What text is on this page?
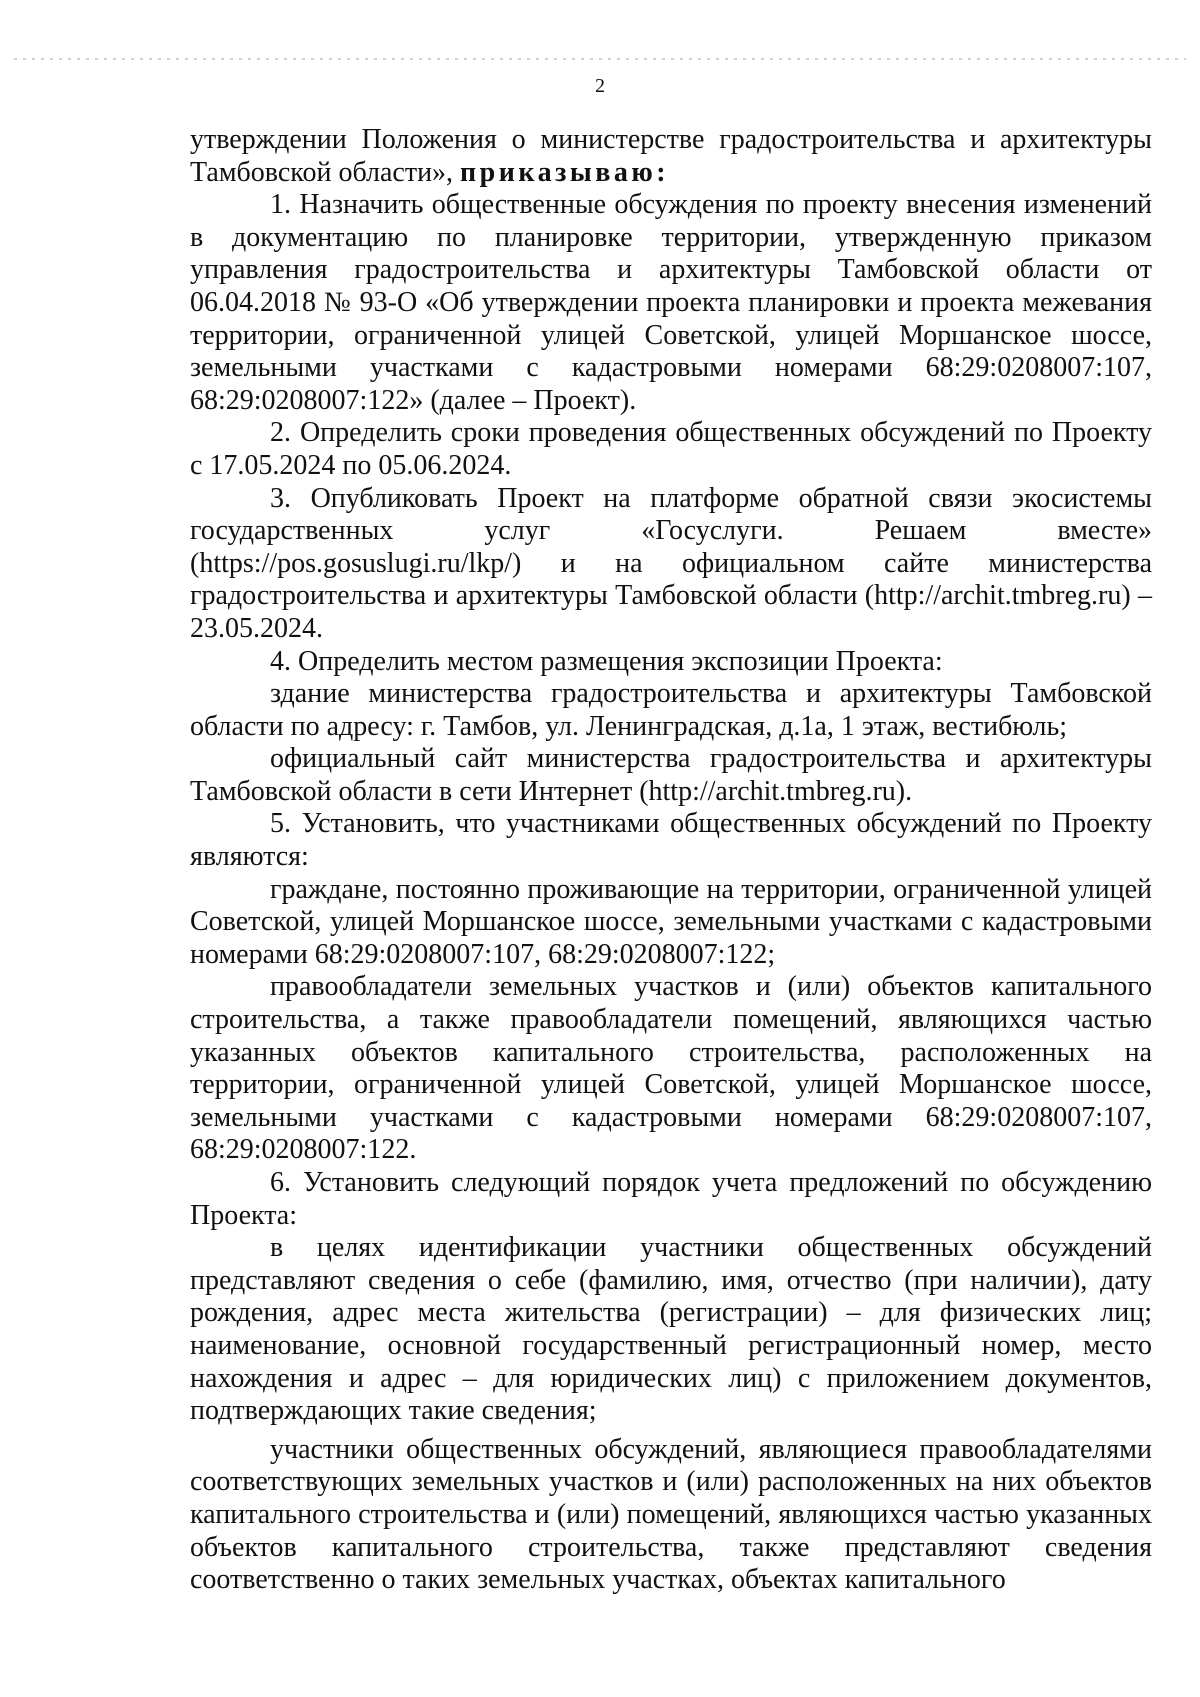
2

утверждении Положения о министерстве градостроительства и архитектуры Тамбовской области», приказываю:

1. Назначить общественные обсуждения по проекту внесения изменений в документацию по планировке территории, утвержденную приказом управления градостроительства и архитектуры Тамбовской области от 06.04.2018 № 93-О «Об утверждении проекта планировки и проекта межевания территории, ограниченной улицей Советской, улицей Моршанское шоссе, земельными участками с кадастровыми номерами 68:29:0208007:107, 68:29:0208007:122» (далее – Проект).

2. Определить сроки проведения общественных обсуждений по Проекту с 17.05.2024 по 05.06.2024.

3. Опубликовать Проект на платформе обратной связи экосистемы государственных услуг «Госуслуги. Решаем вместе» (https://pos.gosuslugi.ru/lkp/) и на официальном сайте министерства градостроительства и архитектуры Тамбовской области (http://archit.tmbreg.ru) – 23.05.2024.

4. Определить местом размещения экспозиции Проекта:

здание министерства градостроительства и архитектуры Тамбовской области по адресу: г. Тамбов, ул. Ленинградская, д.1а, 1 этаж, вестибюль;

официальный сайт министерства градостроительства и архитектуры Тамбовской области в сети Интернет (http://archit.tmbreg.ru).

5. Установить, что участниками общественных обсуждений по Проекту являются:

граждане, постоянно проживающие на территории, ограниченной улицей Советской, улицей Моршанское шоссе, земельными участками с кадастровыми номерами 68:29:0208007:107, 68:29:0208007:122;

правообладатели земельных участков и (или) объектов капитального строительства, а также правообладатели помещений, являющихся частью указанных объектов капитального строительства, расположенных на территории, ограниченной улицей Советской, улицей Моршанское шоссе, земельными участками с кадастровыми номерами 68:29:0208007:107, 68:29:0208007:122.

6. Установить следующий порядок учета предложений по обсуждению Проекта:

в целях идентификации участники общественных обсуждений представляют сведения о себе (фамилию, имя, отчество (при наличии), дату рождения, адрес места жительства (регистрации) – для физических лиц; наименование, основной государственный регистрационный номер, место нахождения и адрес – для юридических лиц) с приложением документов, подтверждающих такие сведения;

участники общественных обсуждений, являющиеся правообладателями соответствующих земельных участков и (или) расположенных на них объектов капитального строительства и (или) помещений, являющихся частью указанных объектов капитального строительства, также представляют сведения соответственно о таких земельных участках, объектах капитального
